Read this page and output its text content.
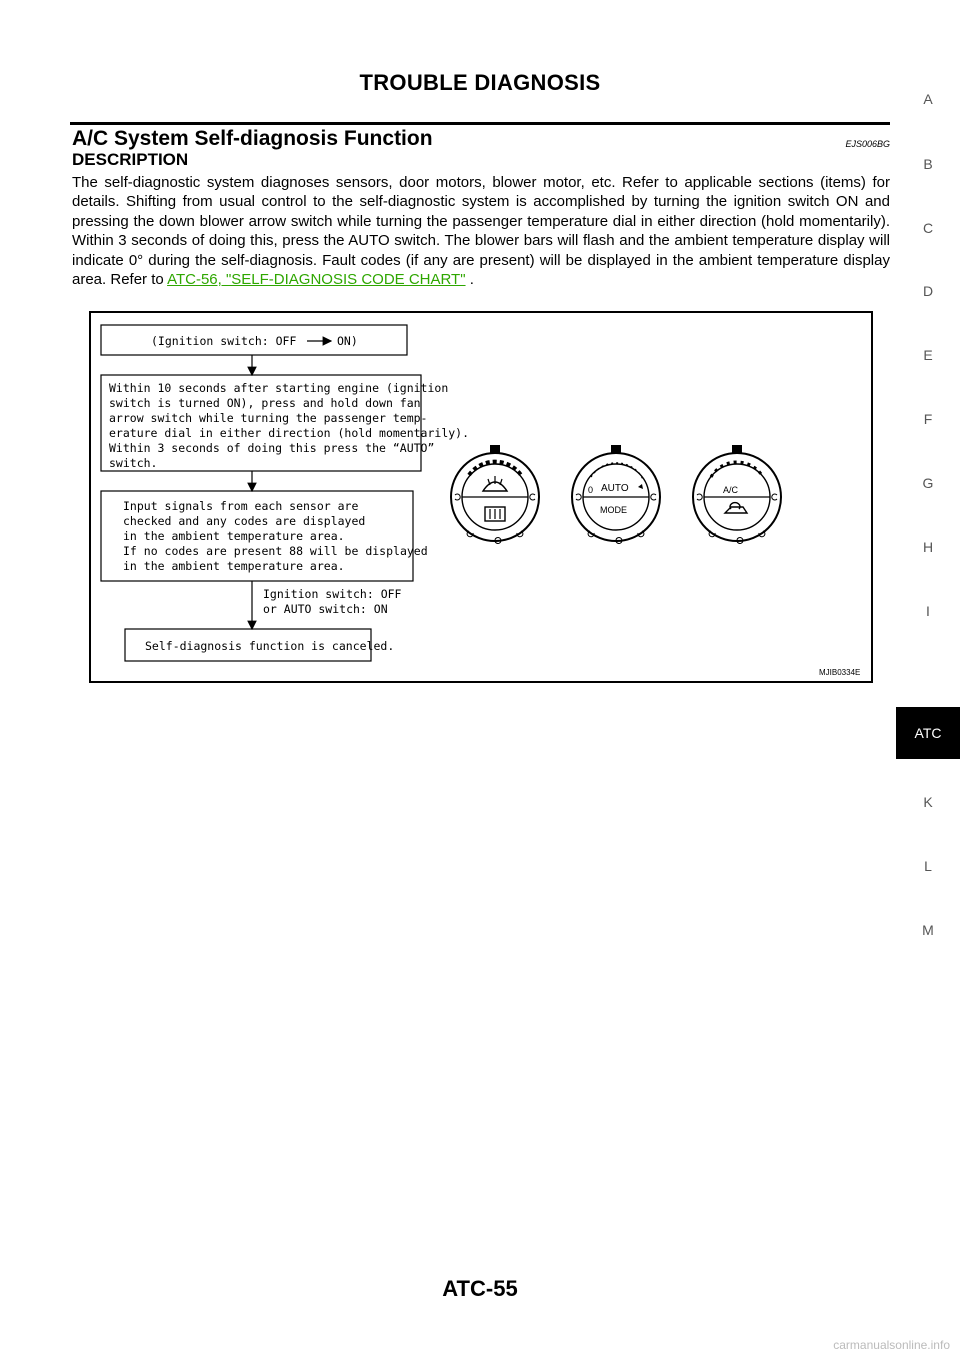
TROUBLE DIAGNOSIS
A/C System Self-diagnosis Function	EJS006BG
DESCRIPTION
The self-diagnostic system diagnoses sensors, door motors, blower motor, etc. Refer to applicable sections (items) for details. Shifting from usual control to the self-diagnostic system is accomplished by turning the ignition switch ON and pressing the down blower arrow switch while turning the passenger temperature dial in either direction (hold momentarily). Within 3 seconds of doing this, press the AUTO switch. The blower bars will flash and the ambient temperature display will indicate 0° during the self-diagnosis. Fault codes (if any are present) will be displayed in the ambient temperature display area. Refer to ATC-56, "SELF-DIAGNOSIS CODE CHART" .
(Ignition switch: OFF	ON)
Within 10 seconds after starting engine (ignition
switch is turned ON), press and hold down fan
arrow switch while turning the passenger temp-
erature dial in either direction (hold momentarily).
Within 3 seconds of doing this press the “AUTO”
switch.
Input signals from each sensor are
checked and any codes are displayed
in the ambient temperature area.
If no codes are present 88 will be displayed
in the ambient temperature area.
Ignition switch: OFF
or AUTO switch: ON
Self-diagnosis function is canceled.
AUTO
0
MODE
A/C
MJIB0334E
A
B
C
D
E
F
G
H
I
ATC
K
L
M
ATC-55
carmanualsonline.info
